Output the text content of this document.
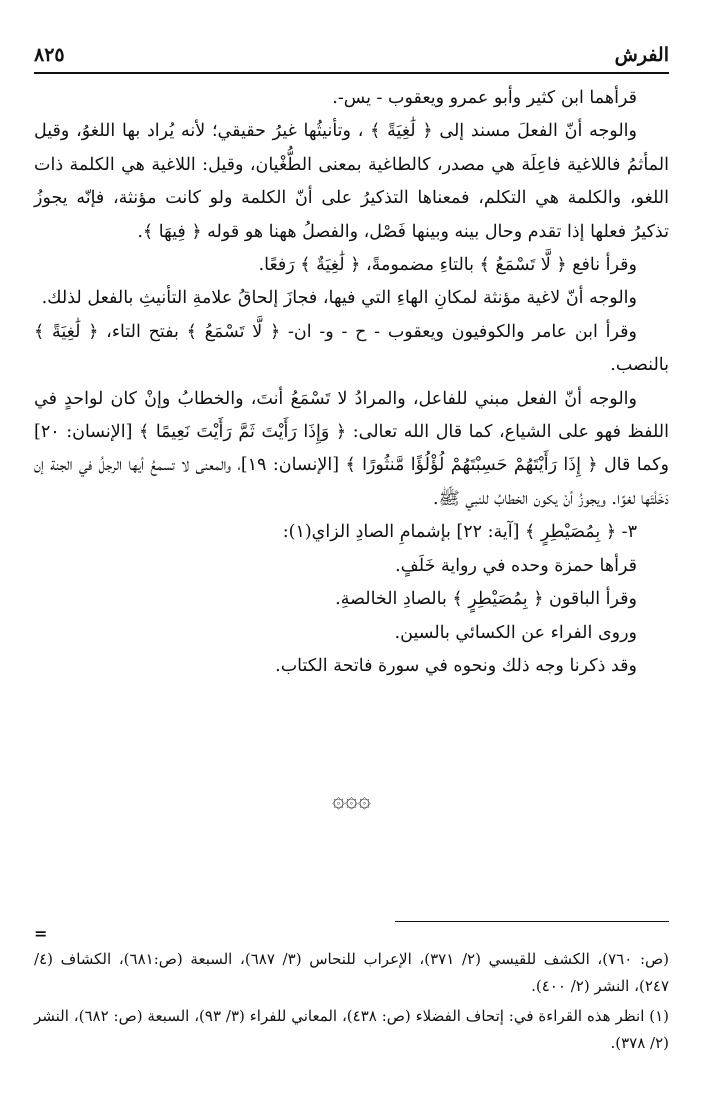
٨٢٥	الفرش

قرأهما ابن كثير وأبو عمرو ويعقوب - يس-.

والوجه أنّ الفعلَ مسند إلى ﴿ لَٰغِيَةً ﴾ ، وتأنيثُها غيرُ حقيقي؛ لأنه يُراد بها اللغوُ، وقيل المأثمُ فاللاغية فاعِلَة هي مصدر، كالطاغية بمعنى الطُّغْيان، وقيل: اللاغية هي الكلمة ذات اللغو، والكلمة هي التكلم، فمعناها التذكيرُ على أنّ الكلمة ولو كانت مؤنثة، فإنّه يجوزُ تذكيرُ فعلها إذا تقدم وحال بينه وبينها فَصْل، والفصلُ ههنا هو قوله ﴿ فِيهَا ﴾.

وقرأ نافع ﴿ لَّا تَسْمَعُ ﴾ بالتاءِ مضمومةً، ﴿ لَٰغِيَةٌ ﴾ رَفعًا.

والوجه أنّ لاغية مؤنثة لمكانِ الهاءِ التي فيها، فجازَ إلحاقُ علامةِ التأنيثِ بالفعل لذلك.

وقرأ ابن عامر والكوفيون ويعقوب - ح - و- ان- ﴿ لَّا تَسْمَعُ ﴾ بفتح التاء، ﴿ لَٰغِيَةً ﴾ بالنصب.

والوجه أنّ الفعل مبني للفاعل، والمرادُ لا تَسْمَعُ أنتَ، والخطابُ وإنْ كان لواحدٍ في اللفظ فهو على الشياع، كما قال الله تعالى: ﴿ وَإِذَا رَأَيْتَ ثَمَّ رَأَيْتَ نَعِيمًا ﴾ [الإنسان: ٢٠] وكما قال ﴿ إِذَا رَأَيْتَهُمْ حَسِبْتَهُمْ لُؤْلُؤًا مَّنثُورًا ﴾ [الإنسان: ١٩]، والمعنى لا تسمعُ أيها الرجلُ في الجنة إن دَخَلْتَها لغوًا. ويجوزُ أنْ يكون الخطابُ للنبي ﷺ.

٣- ﴿ بِمُصَيْطِرٍ ﴾ [آية: ٢٢] بإشمامِ الصادِ الزاي(١):

قرأها حمزة وحده في رواية خَلَفٍ.

وقرأ الباقون ﴿ بِمُصَيْطِرٍ ﴾ بالصادِ الخالصةِ.

وروى الفراء عن الكسائي بالسين.

وقد ذكرنا وجه ذلك ونحوه في سورة فاتحة الكتاب.

۞۞۞
=

(ص: ٧٦٠)، الكشف للقيسي (٢/ ٣٧١)، الإعراب للنحاس (٣/ ٦٨٧)، السبعة (ص:٦٨١)، الكشاف (٤/ ٢٤٧)، النشر (٢/ ٤٠٠).

(١) انظر هذه القراءة في: إتحاف الفضلاء (ص: ٤٣٨)، المعاني للفراء (٣/ ٩٣)، السبعة (ص: ٦٨٢)، النشر (٢/ ٣٧٨).
